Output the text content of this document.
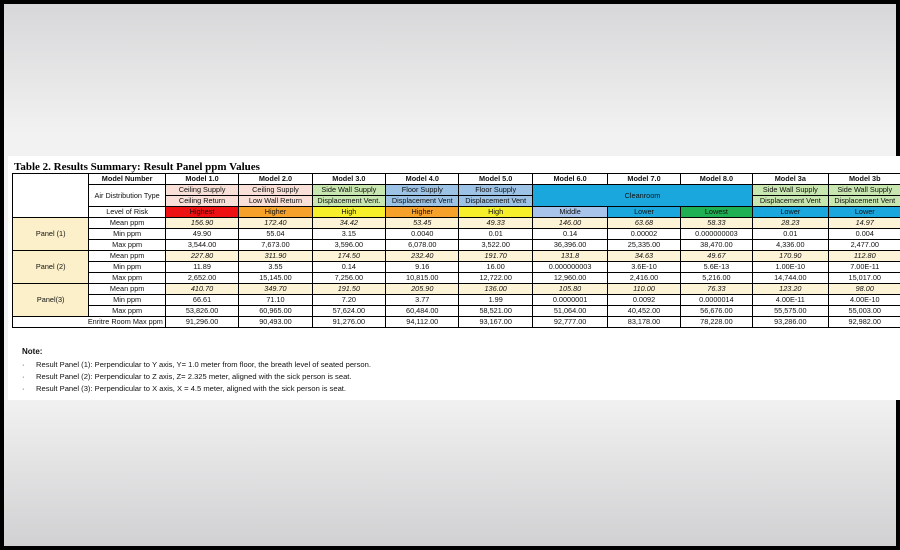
Table 2. Results Summary: Result Panel ppm Values
	Model Number	Model 1.0	Model 2.0	Model 3.0	Model 4.0	Model 5.0	Model 6.0	Model 7.0	Model 8.0	Model 3a	Model 3b
	Air Distribution Type	Ceiling Supply	Ceiling Supply	Side Wall Supply	Floor Supply	Floor Supply	Cleanroom			Side Wall Supply	Side Wall Supply
		Ceiling Return	Low Wall Return	Displacement Vent.	Displacement Vent	Displacement Vent				Displacement Vent	Displacement Vent
	Level of Risk	Highest	Higher	High	Higher	High	Middle	Lower	Lowest	Lower	Lower
Panel (1)	Mean ppm	156.90	172.40	34.42	53.45	49.33	146.00	63.68	58.33	28.23	14.97
	Min ppm	49.90	55.04	3.15	0.0040	0.01	0.14	0.00002	0.000000003	0.01	0.004
	Max ppm	3,544.00	7,673.00	3,596.00	6,078.00	3,522.00	36,396.00	25,335.00	38,470.00	4,336.00	2,477.00
Panel (2)	Mean ppm	227.80	311.90	174.50	232.40	191.70	131.8	34.63	49.67	170.90	112.80
	Min ppm	11.89	3.55	0.14	9.16	16.00	0.000000003	3.6E-10	5.6E-13	1.00E-10	7.00E-11
	Max ppm	2,652.00	15,145.00	7,256.00	10,815.00	12,722.00	12,960.00	2,416.00	5,216.00	14,744.00	15,017.00
Panel(3)	Mean ppm	410.70	349.70	191.50	205.90	136.00	105.80	110.00	76.33	123.20	98.00
	Min ppm	66.61	71.10	7.20	3.77	1.99	0.0000001	0.0092	0.0000014	4.00E-11	4.00E-10
	Max ppm	53,826.00	60,965.00	57,624.00	60,484.00	58,521.00	51,064.00	40,452.00	56,676.00	55,575.00	55,003.00
Enritre Room Max ppm		91,296.00	90,493.00	91,276.00	94,112.00	93,167.00	92,777.00	83,178.00	78,228.00	93,286.00	92,982.00
Note:
· Result Panel (1): Perpendicular to Y axis, Y= 1.0 meter from floor, the breath level of seated person.
· Result Panel (2): Perpendicular to Z axis, Z= 2.325 meter, aligned with the sick person is seat.
· Result Panel (3): Perpendicular to X axis, X = 4.5 meter, aligned with the sick person is seat.
